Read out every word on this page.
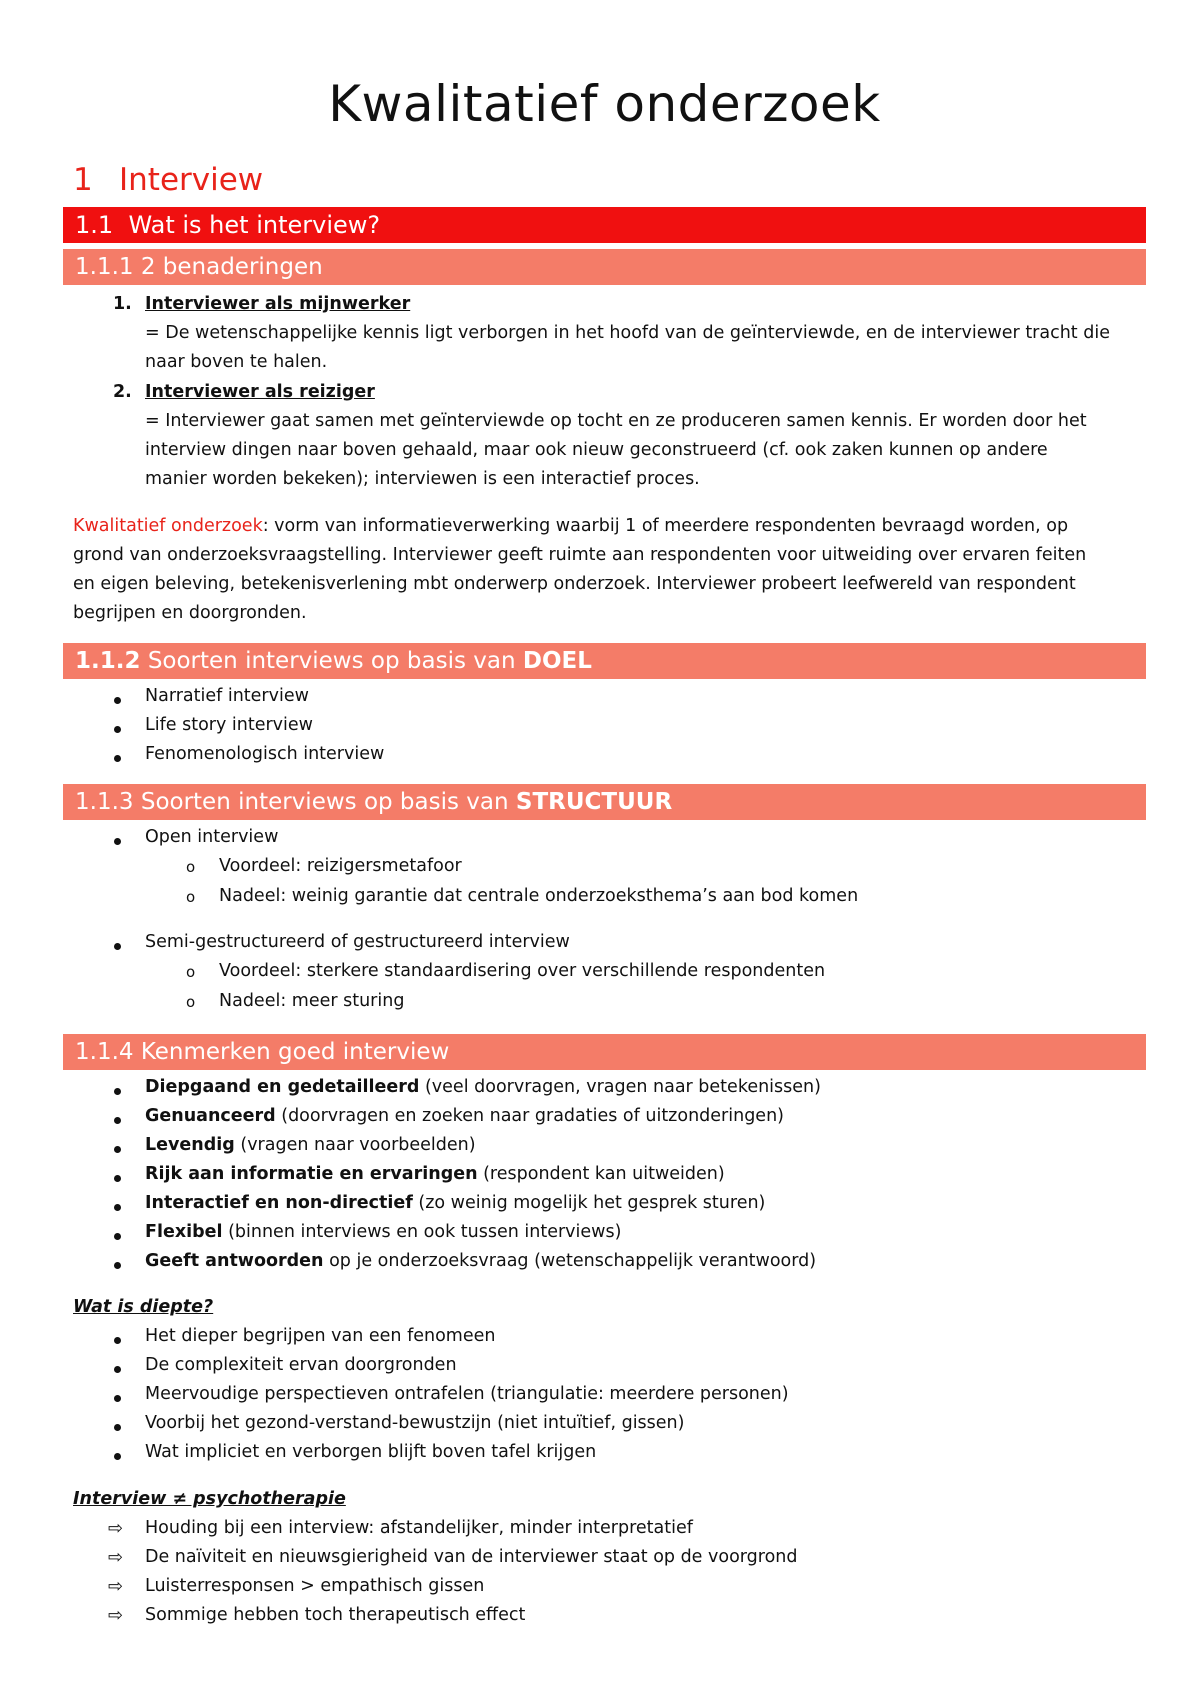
Kwalitatief onderzoek
1 Interview
1.1 Wat is het interview?
1.1.1 2 benaderingen
1. Interviewer als mijnwerker
= De wetenschappelijke kennis ligt verborgen in het hoofd van de geïnterviewde, en de interviewer tracht die
naar boven te halen.
2. Interviewer als reiziger
= Interviewer gaat samen met geïnterviewde op tocht en ze produceren samen kennis. Er worden door het
interview dingen naar boven gehaald, maar ook nieuw geconstrueerd (cf. ook zaken kunnen op andere
manier worden bekeken); interviewen is een interactief proces.
Kwalitatief onderzoek: vorm van informatieverwerking waarbij 1 of meerdere respondenten bevraagd worden, op
grond van onderzoeksvraagstelling. Interviewer geeft ruimte aan respondenten voor uitweiding over ervaren feiten
en eigen beleving, betekenisverlening mbt onderwerp onderzoek. Interviewer probeert leefwereld van respondent
begrijpen en doorgronden.
1.1.2 Soorten interviews op basis van DOEL
Narratief interview
Life story interview
Fenomenologisch interview
1.1.3 Soorten interviews op basis van STRUCTUUR
Open interview
o Voordeel: reizigersmetafoor
o Nadeel: weinig garantie dat centrale onderzoeksthema’s aan bod komen
Semi-gestructureerd of gestructureerd interview
o Voordeel: sterkere standaardisering over verschillende respondenten
o Nadeel: meer sturing
1.1.4 Kenmerken goed interview
Diepgaand en gedetailleerd (veel doorvragen, vragen naar betekenissen)
Genuanceerd (doorvragen en zoeken naar gradaties of uitzonderingen)
Levendig (vragen naar voorbeelden)
Rijk aan informatie en ervaringen (respondent kan uitweiden)
Interactief en non-directief (zo weinig mogelijk het gesprek sturen)
Flexibel (binnen interviews en ook tussen interviews)
Geeft antwoorden op je onderzoeksvraag (wetenschappelijk verantwoord)
Wat is diepte?
Het dieper begrijpen van een fenomeen
De complexiteit ervan doorgronden
Meervoudige perspectieven ontrafelen (triangulatie: meerdere personen)
Voorbij het gezond-verstand-bewustzijn (niet intuïtief, gissen)
Wat impliciet en verborgen blijft boven tafel krijgen
Interview ≠ psychotherapie
⇨ Houding bij een interview: afstandelijker, minder interpretatief
⇨ De naïviteit en nieuwsgierigheid van de interviewer staat op de voorgrond
⇨ Luisterresponsen > empathisch gissen
⇨ Sommige hebben toch therapeutisch effect
